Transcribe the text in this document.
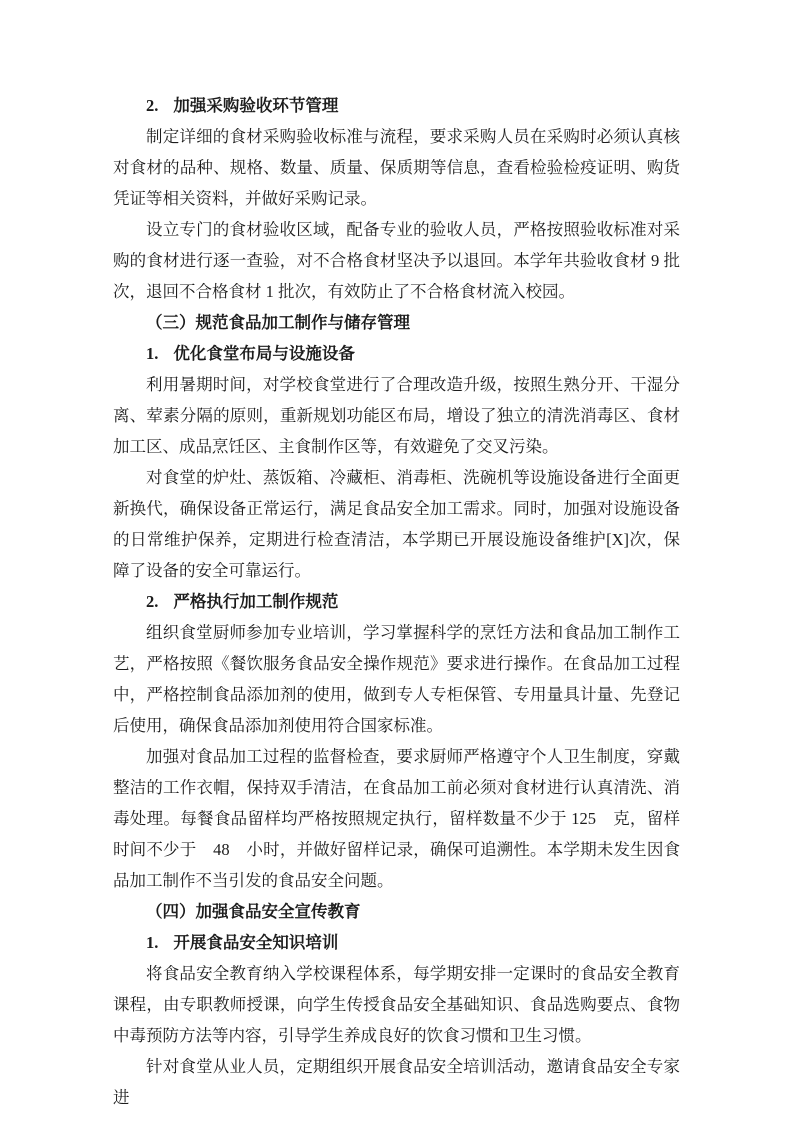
2. 加强采购验收环节管理
制定详细的食材采购验收标准与流程，要求采购人员在采购时必须认真核对食材的品种、规格、数量、质量、保质期等信息，查看检验检疫证明、购货凭证等相关资料，并做好采购记录。
设立专门的食材验收区域，配备专业的验收人员，严格按照验收标准对采购的食材进行逐一查验，对不合格食材坚决予以退回。本学年共验收食材 9 批次，退回不合格食材 1 批次，有效防止了不合格食材流入校园。
（三）规范食品加工制作与储存管理
1. 优化食堂布局与设施设备
利用暑期时间，对学校食堂进行了合理改造升级，按照生熟分开、干湿分离、荤素分隔的原则，重新规划功能区布局，增设了独立的清洗消毒区、食材加工区、成品烹饪区、主食制作区等，有效避免了交叉污染。
对食堂的炉灶、蒸饭箱、冷藏柜、消毒柜、洗碗机等设施设备进行全面更新换代，确保设备正常运行，满足食品安全加工需求。同时，加强对设施设备的日常维护保养，定期进行检查清洁，本学期已开展设施设备维护[X]次，保障了设备的安全可靠运行。
2. 严格执行加工制作规范
组织食堂厨师参加专业培训，学习掌握科学的烹饪方法和食品加工制作工艺，严格按照《餐饮服务食品安全操作规范》要求进行操作。在食品加工过程中，严格控制食品添加剂的使用，做到专人专柜保管、专用量具计量、先登记后使用，确保食品添加剂使用符合国家标准。
加强对食品加工过程的监督检查，要求厨师严格遵守个人卫生制度，穿戴整洁的工作衣帽，保持双手清洁，在食品加工前必须对食材进行认真清洗、消毒处理。每餐食品留样均严格按照规定执行，留样数量不少于 125　克，留样时间不少于　48　小时，并做好留样记录，确保可追溯性。本学期未发生因食品加工制作不当引发的食品安全问题。
（四）加强食品安全宣传教育
1. 开展食品安全知识培训
将食品安全教育纳入学校课程体系，每学期安排一定课时的食品安全教育课程，由专职教师授课，向学生传授食品安全基础知识、食品选购要点、食物中毒预防方法等内容，引导学生养成良好的饮食习惯和卫生习惯。
针对食堂从业人员，定期组织开展食品安全培训活动，邀请食品安全专家进
